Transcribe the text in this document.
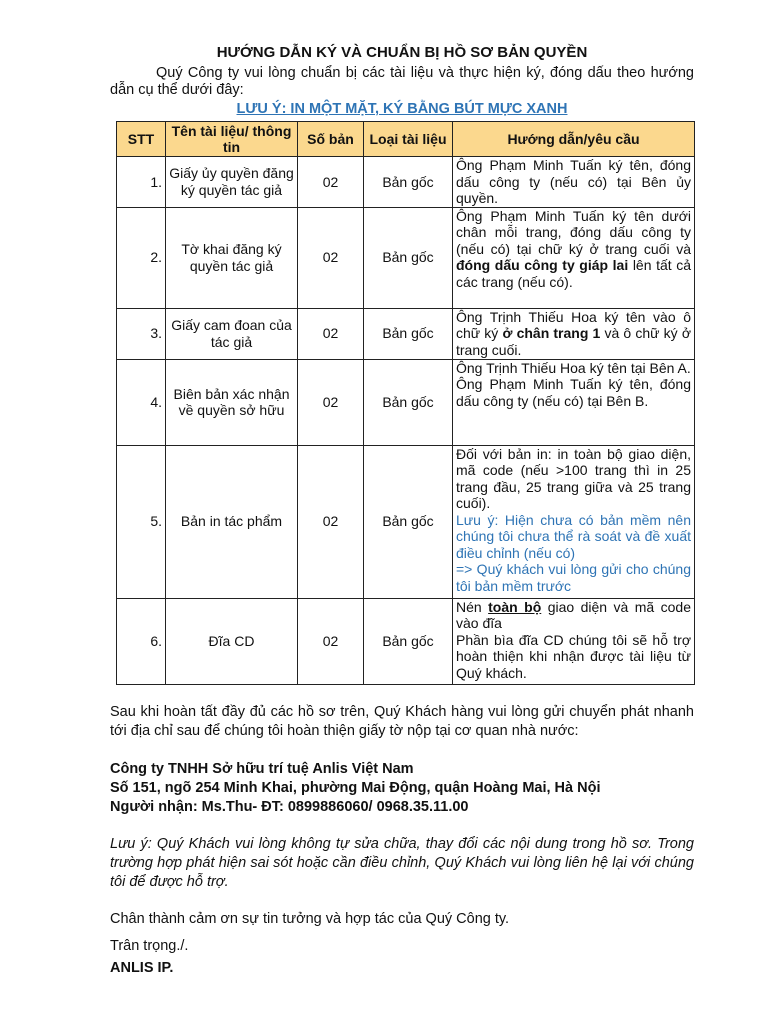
HƯỚNG DẪN KÝ VÀ CHUẨN BỊ HỒ SƠ BẢN QUYỀN

Quý Công ty vui lòng chuẩn bị các tài liệu và thực hiện ký, đóng dấu theo hướng dẫn cụ thể dưới đây:

LƯU Ý: IN MỘT MẶT, KÝ BẰNG BÚT MỰC XANH
STT	Tên tài liệu/ thông tin	Số bản	Loại tài liệu	Hướng dẫn/yêu cầu
1.	Giấy ủy quyền đăng ký quyền tác giả	02	Bản gốc	Ông Phạm Minh Tuấn ký tên, đóng dấu công ty (nếu có) tại Bên ủy quyền.
2.	Tờ khai đăng ký quyền tác giả	02	Bản gốc	Ông Phạm Minh Tuấn ký tên dưới chân mỗi trang, đóng dấu công ty (nếu có) tại chữ ký ở trang cuối và đóng dấu công ty giáp lai lên tất cả các trang (nếu có).
3.	Giấy cam đoan của tác giả	02	Bản gốc	Ông Trịnh Thiếu Hoa ký tên vào ô chữ ký ở chân trang 1 và ô chữ ký ở trang cuối.
4.	Biên bản xác nhận về quyền sở hữu	02	Bản gốc	Ông Trịnh Thiếu Hoa ký tên tại Bên A.
Ông Phạm Minh Tuấn ký tên, đóng dấu công ty (nếu có) tại Bên B.

5.	Bản in tác phẩm	02	Bản gốc	Đối với bản in: in toàn bộ giao diện, mã code (nếu >100 trang thì in 25 trang đầu, 25 trang giữa và 25 trang cuối).
Lưu ý: Hiện chưa có bản mềm nên chúng tôi chưa thể rà soát và đề xuất điều chỉnh (nếu có)
=> Quý khách vui lòng gửi cho chúng tôi bản mềm trước

6.	Đĩa CD	02	Bản gốc	Nén toàn bộ giao diện và mã code vào đĩa
Phần bìa đĩa CD chúng tôi sẽ hỗ trợ hoàn thiện khi nhận được tài liệu từ Quý khách.

Sau khi hoàn tất đầy đủ các hồ sơ trên, Quý Khách hàng vui lòng gửi chuyển phát nhanh tới địa chỉ sau để chúng tôi hoàn thiện giấy tờ nộp tại cơ quan nhà nước:

Công ty TNHH Sở hữu trí tuệ Anlis Việt Nam
Số 151, ngõ 254 Minh Khai, phường Mai Động, quận Hoàng Mai, Hà Nội
Người nhận: Ms.Thu- ĐT: 0899886060/ 0968.35.11.00

Lưu ý: Quý Khách vui lòng không tự sửa chữa, thay đổi các nội dung trong hồ sơ. Trong trường hợp phát hiện sai sót hoặc cần điều chỉnh, Quý Khách vui lòng liên hệ lại với chúng tôi để được hỗ trợ.

Chân thành cảm ơn sự tin tưởng và hợp tác của Quý Công ty.

Trân trọng./.

ANLIS IP.
